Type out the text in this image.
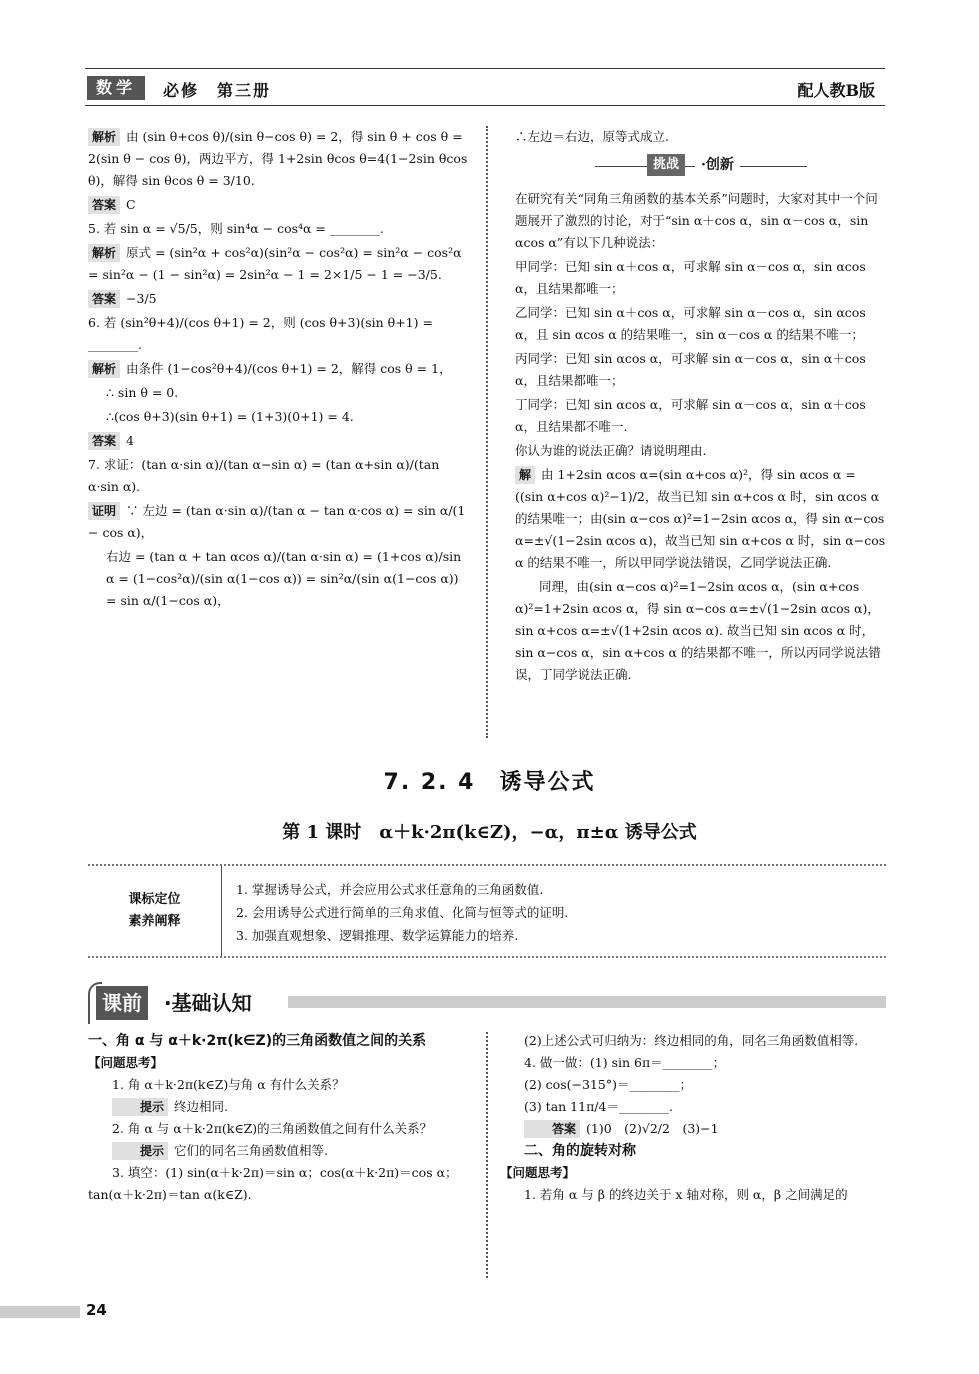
数学	必修　第三册	配人教B版
解析 由 (sin θ+cos θ)/(sin θ−cos θ) = 2，得 sin θ + cos θ = 2(sin θ − cos θ)，两边平方，得 1+2sin θcos θ=4(1−2sin θcos θ)，解得 sin θcos θ = 3/10.
答案 C
5. 若 sin α = √5/5，则 sin⁴α − cos⁴α = ________.
解析 原式 = (sin²α + cos²α)(sin²α − cos²α) = sin²α − cos²α = sin²α − (1 − sin²α) = 2sin²α − 1 = 2×1/5 − 1 = −3/5.
答案 −3/5
6. 若 (sin²θ+4)/(cos θ+1) = 2，则 (cos θ+3)(sin θ+1) = ________.
解析 由条件 (1−cos²θ+4)/(cos θ+1) = 2，解得 cos θ = 1，
∴ sin θ = 0.
∴(cos θ+3)(sin θ+1) = (1+3)(0+1) = 4.
答案 4
7. 求证：(tan α·sin α)/(tan α−sin α) = (tan α+sin α)/(tan α·sin α).
证明 ∵ 左边 = (tan α·sin α)/(tan α − tan α·cos α) = sin α/(1 − cos α)，
右边 = (tan α + tan αcos α)/(tan α·sin α) = (1+cos α)/sin α = (1−cos²α)/(sin α(1−cos α)) = sin²α/(sin α(1−cos α)) = sin α/(1−cos α)，
∴左边＝右边，原等式成立.
挑战	·创新
在研究有关“同角三角函数的基本关系”问题时，大家对其中一个问题展开了激烈的讨论，对于“sin α＋cos α，sin α－cos α，sin αcos α”有以下几种说法：
甲同学：已知 sin α＋cos α，可求解 sin α－cos α，sin αcos α，且结果都唯一；
乙同学：已知 sin α＋cos α，可求解 sin α－cos α，sin αcos α，且 sin αcos α 的结果唯一，sin α－cos α 的结果不唯一；
丙同学：已知 sin αcos α，可求解 sin α－cos α，sin α＋cos α，且结果都唯一；
丁同学：已知 sin αcos α，可求解 sin α－cos α，sin α＋cos α，且结果都不唯一.
你认为谁的说法正确？请说明理由.
解 由 1+2sin αcos α=(sin α+cos α)²，得 sin αcos α = ((sin α+cos α)²−1)/2，故当已知 sin α+cos α 时，sin αcos α 的结果唯一；由(sin α−cos α)²=1−2sin αcos α，得 sin α−cos α=±√(1−2sin αcos α)，故当已知 sin α+cos α 时，sin α−cos α 的结果不唯一，所以甲同学说法错误，乙同学说法正确.
同理，由(sin α−cos α)²=1−2sin αcos α，(sin α+cos α)²=1+2sin αcos α，得 sin α−cos α=±√(1−2sin αcos α)，sin α+cos α=±√(1+2sin αcos α). 故当已知 sin αcos α 时，sin α−cos α，sin α+cos α 的结果都不唯一，所以丙同学说法错误，丁同学说法正确.
7. 2. 4　诱导公式
第 1 课时　α＋k·2π(k∈Z)，−α，π±α 诱导公式
课标定位
素养阐释
1. 掌握诱导公式，并会应用公式求任意角的三角函数值.
2. 会用诱导公式进行简单的三角求值、化简与恒等式的证明.
3. 加强直观想象、逻辑推理、数学运算能力的培养.
课前	·基础认知
一、角 α 与 α＋k·2π(k∈Z)的三角函数值之间的关系
【问题思考】
1. 角 α＋k·2π(k∈Z)与角 α 有什么关系？
提示 终边相同.
2. 角 α 与 α＋k·2π(k∈Z)的三角函数值之间有什么关系？
提示 它们的同名三角函数值相等.
3. 填空：(1) sin(α＋k·2π)＝sin α；cos(α＋k·2π)＝cos α；tan(α＋k·2π)＝tan α(k∈Z).
(2)上述公式可归纳为：终边相同的角，同名三角函数值相等.
4. 做一做：(1) sin 6π＝________；
(2) cos(−315°)＝________；
(3) tan 11π/4＝________.
答案 (1)0　(2)√2/2　(3)−1
二、角的旋转对称
【问题思考】
1. 若角 α 与 β 的终边关于 x 轴对称，则 α，β 之间满足的
24
